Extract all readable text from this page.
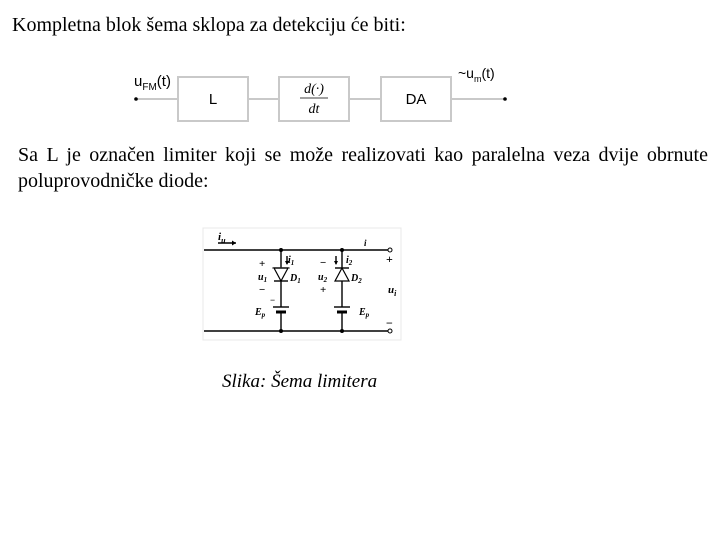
Kompletna blok šema sklopa za detekciju će biti:
$u_{FM}(t)$
L
d(·)
dt
DA
$\sim u_m(t)$
$i_u$
$i_1$
$D_1$
+
$u_1$
−
−
$E_p$
$i_2$
$D_2$
−
$u_2$
+
$E_p$
i
+
$u_i$
−
Sa L je označen limiter koji se može realizovati kao paralelna veza dvije obrnute poluprovodničke diode:
Slika: Šema limitera
